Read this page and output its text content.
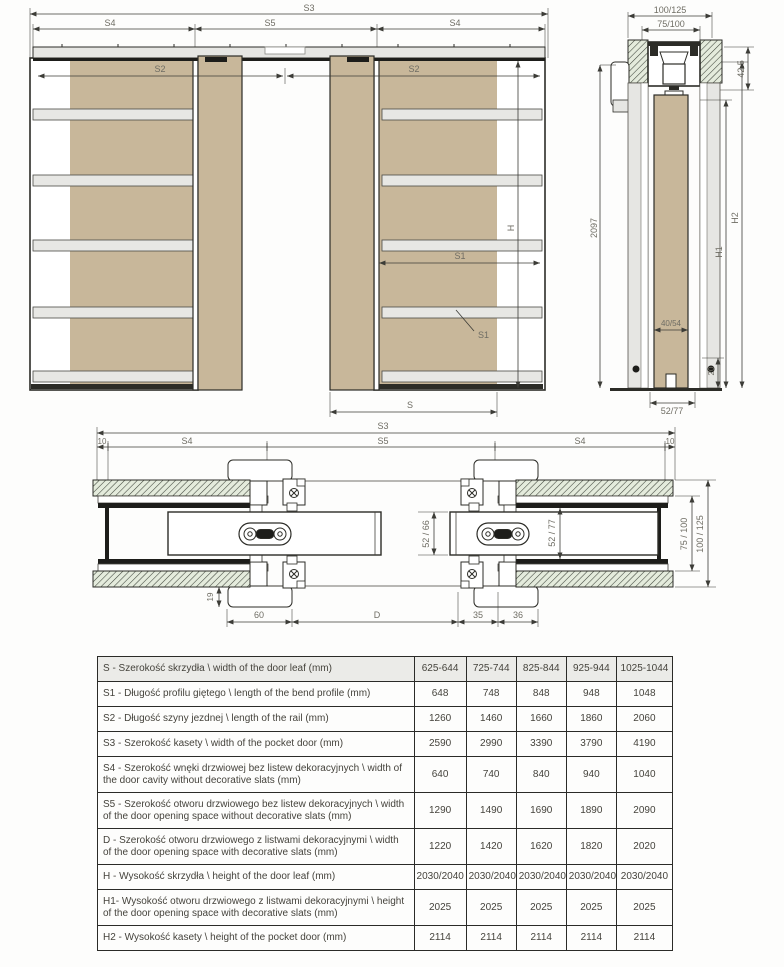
S3
S4	S5	S4
S2	S2
S1
H
S1
S
100/125
75/100
42.5
40/54
2097
H1
H2
20
52/77
S3
10	S4	S5	S4	10
52 / 66	52 / 77	75 / 100 100 / 125
19
60	D	35	36
S - Szerokość skrzydła \ width of the door leaf (mm)	625-644	725-744	825-844	925-944	1025-1044
S1 - Długość profilu giętego \ length of the bend profile (mm)	648	748	848	948	1048
S2 - Długość szyny jezdnej \ length of the rail (mm)	1260	1460	1660	1860	2060
S3 - Szerokość kasety \ width of the pocket door (mm)	2590	2990	3390	3790	4190
S4 - Szerokość wnęki drzwiowej bez listew dekoracyjnych \ width of the door cavity without decorative slats (mm)	640	740	840	940	1040
S5 - Szerokość otworu drzwiowego bez listew dekoracyjnych \ width of the door opening space without decorative slats (mm)	1290	1490	1690	1890	2090
D - Szerokość otworu drzwiowego z listwami dekoracyjnymi \ width of the door opening space with decorative slats (mm)	1220	1420	1620	1820	2020
H - Wysokość skrzydła \ height of the door leaf (mm)	2030/2040	2030/2040	2030/2040	2030/2040	2030/2040
H1- Wysokość otworu drzwiowego z listwami dekoracyjnymi \ height of the door opening space with decorative slats (mm)	2025	2025	2025	2025	2025
H2 - Wysokość kasety \ height of the pocket door (mm)	2114	2114	2114	2114	2114
